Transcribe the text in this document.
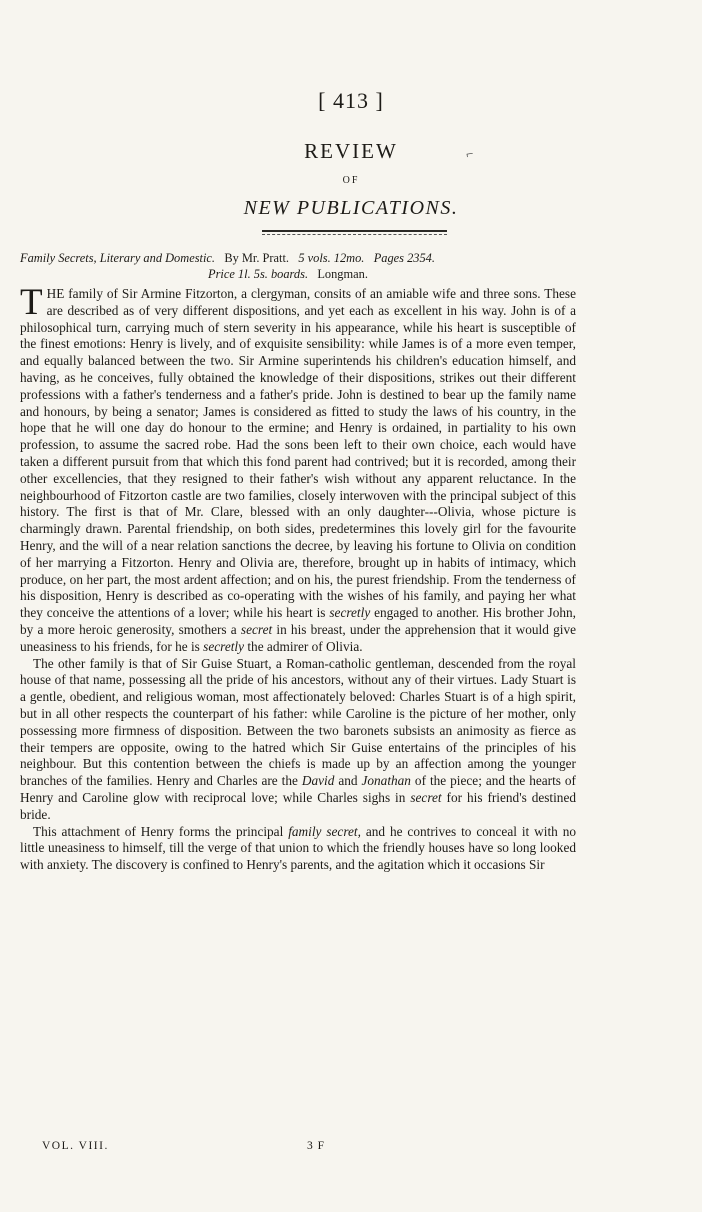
[ 413 ]
⌐
REVIEW
OF
NEW PUBLICATIONS.
Family Secrets, Literary and Domestic. By Mr. Pratt. 5 vols. 12mo. Pages 2354.
Price 1l. 5s. boards. Longman.

THE family of Sir Armine Fitzorton, a clergyman, consits of an amiable wife and three sons. These are described as of very different dispositions, and yet each as excellent in his way. John is of a philosophical turn, carrying much of stern severity in his appearance, while his heart is susceptible of the finest emotions: Henry is lively, and of exquisite sensibility: while James is of a more even temper, and equally balanced between the two. Sir Armine superintends his children's education himself, and having, as he conceives, fully obtained the knowledge of their dispositions, strikes out their different professions with a father's tenderness and a father's pride. John is destined to bear up the family name and honours, by being a senator; James is considered as fitted to study the laws of his country, in the hope that he will one day do honour to the ermine; and Henry is ordained, in partiality to his own profession, to assume the sacred robe. Had the sons been left to their own choice, each would have taken a different pursuit from that which this fond parent had contrived; but it is recorded, among their other excellencies, that they resigned to their father's wish without any apparent reluctance. In the neighbourhood of Fitzorton castle are two families, closely interwoven with the principal subject of this history. The first is that of Mr. Clare, blessed with an only daughter---Olivia, whose picture is charmingly drawn. Parental friendship, on both sides, predetermines this lovely girl for the favourite Henry, and the will of a near relation sanctions the decree, by leaving his fortune to Olivia on condition of her marrying a Fitzorton. Henry and Olivia are, therefore, brought up in habits of intimacy, which produce, on her part, the most ardent affection; and on his, the purest friendship. From the tenderness of his disposition, Henry is described as co-operating with the wishes of his family, and paying her what they conceive the attentions of a lover; while his heart is secretly engaged to another. His brother John, by a more heroic generosity, smothers a secret in his breast, under the apprehension that it would give uneasiness to his friends, for he is secretly the admirer of Olivia.

The other family is that of Sir Guise Stuart, a Roman-catholic gentleman, descended from the royal house of that name, possessing all the pride of his ancestors, without any of their virtues. Lady Stuart is a gentle, obedient, and religious woman, most affectionately beloved: Charles Stuart is of a high spirit, but in all other respects the counterpart of his father: while Caroline is the picture of her mother, only possessing more firmness of disposition. Between the two baronets subsists an animosity as fierce as their tempers are opposite, owing to the hatred which Sir Guise entertains of the principles of his neighbour. But this contention between the chiefs is made up by an affection among the younger branches of the families. Henry and Charles are the David and Jonathan of the piece; and the hearts of Henry and Caroline glow with reciprocal love; while Charles sighs in secret for his friend's destined bride.

This attachment of Henry forms the principal family secret, and he contrives to conceal it with no little uneasiness to himself, till the verge of that union to which the friendly houses have so long looked with anxiety. The discovery is confined to Henry's parents, and the agitation which it occasions Sir

VOL. VIII.	3 F
